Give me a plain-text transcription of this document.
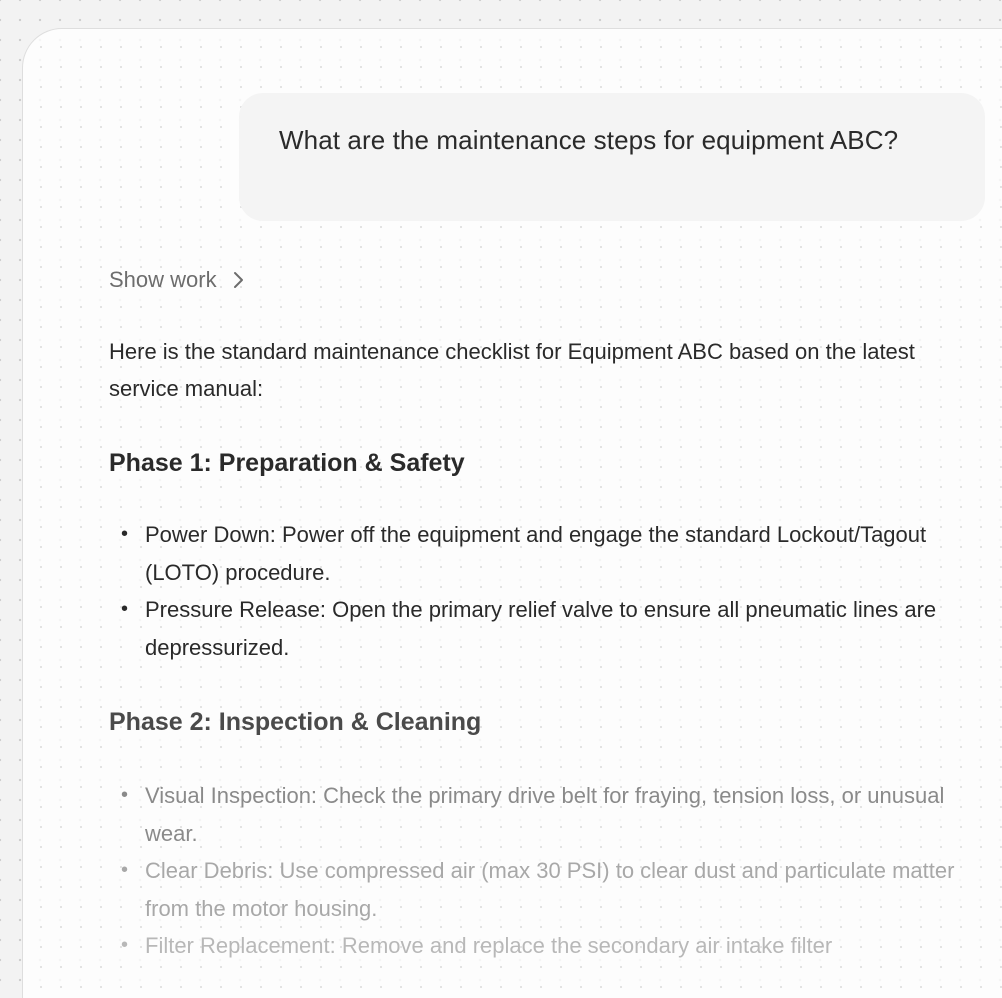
What are the maintenance steps for equipment ABC?
Show work

Here is the standard maintenance checklist for Equipment ABC based on the latest service manual:

Phase 1: Preparation & Safety
• Power Down: Power off the equipment and engage the standard Lockout/Tagout (LOTO) procedure.
• Pressure Release: Open the primary relief valve to ensure all pneumatic lines are depressurized.
Phase 2: Inspection & Cleaning
• Visual Inspection: Check the primary drive belt for fraying, tension loss, or unusual wear.
• Clear Debris: Use compressed air (max 30 PSI) to clear dust and particulate matter from the motor housing.
• Filter Replacement: Remove and replace the secondary air intake filter
